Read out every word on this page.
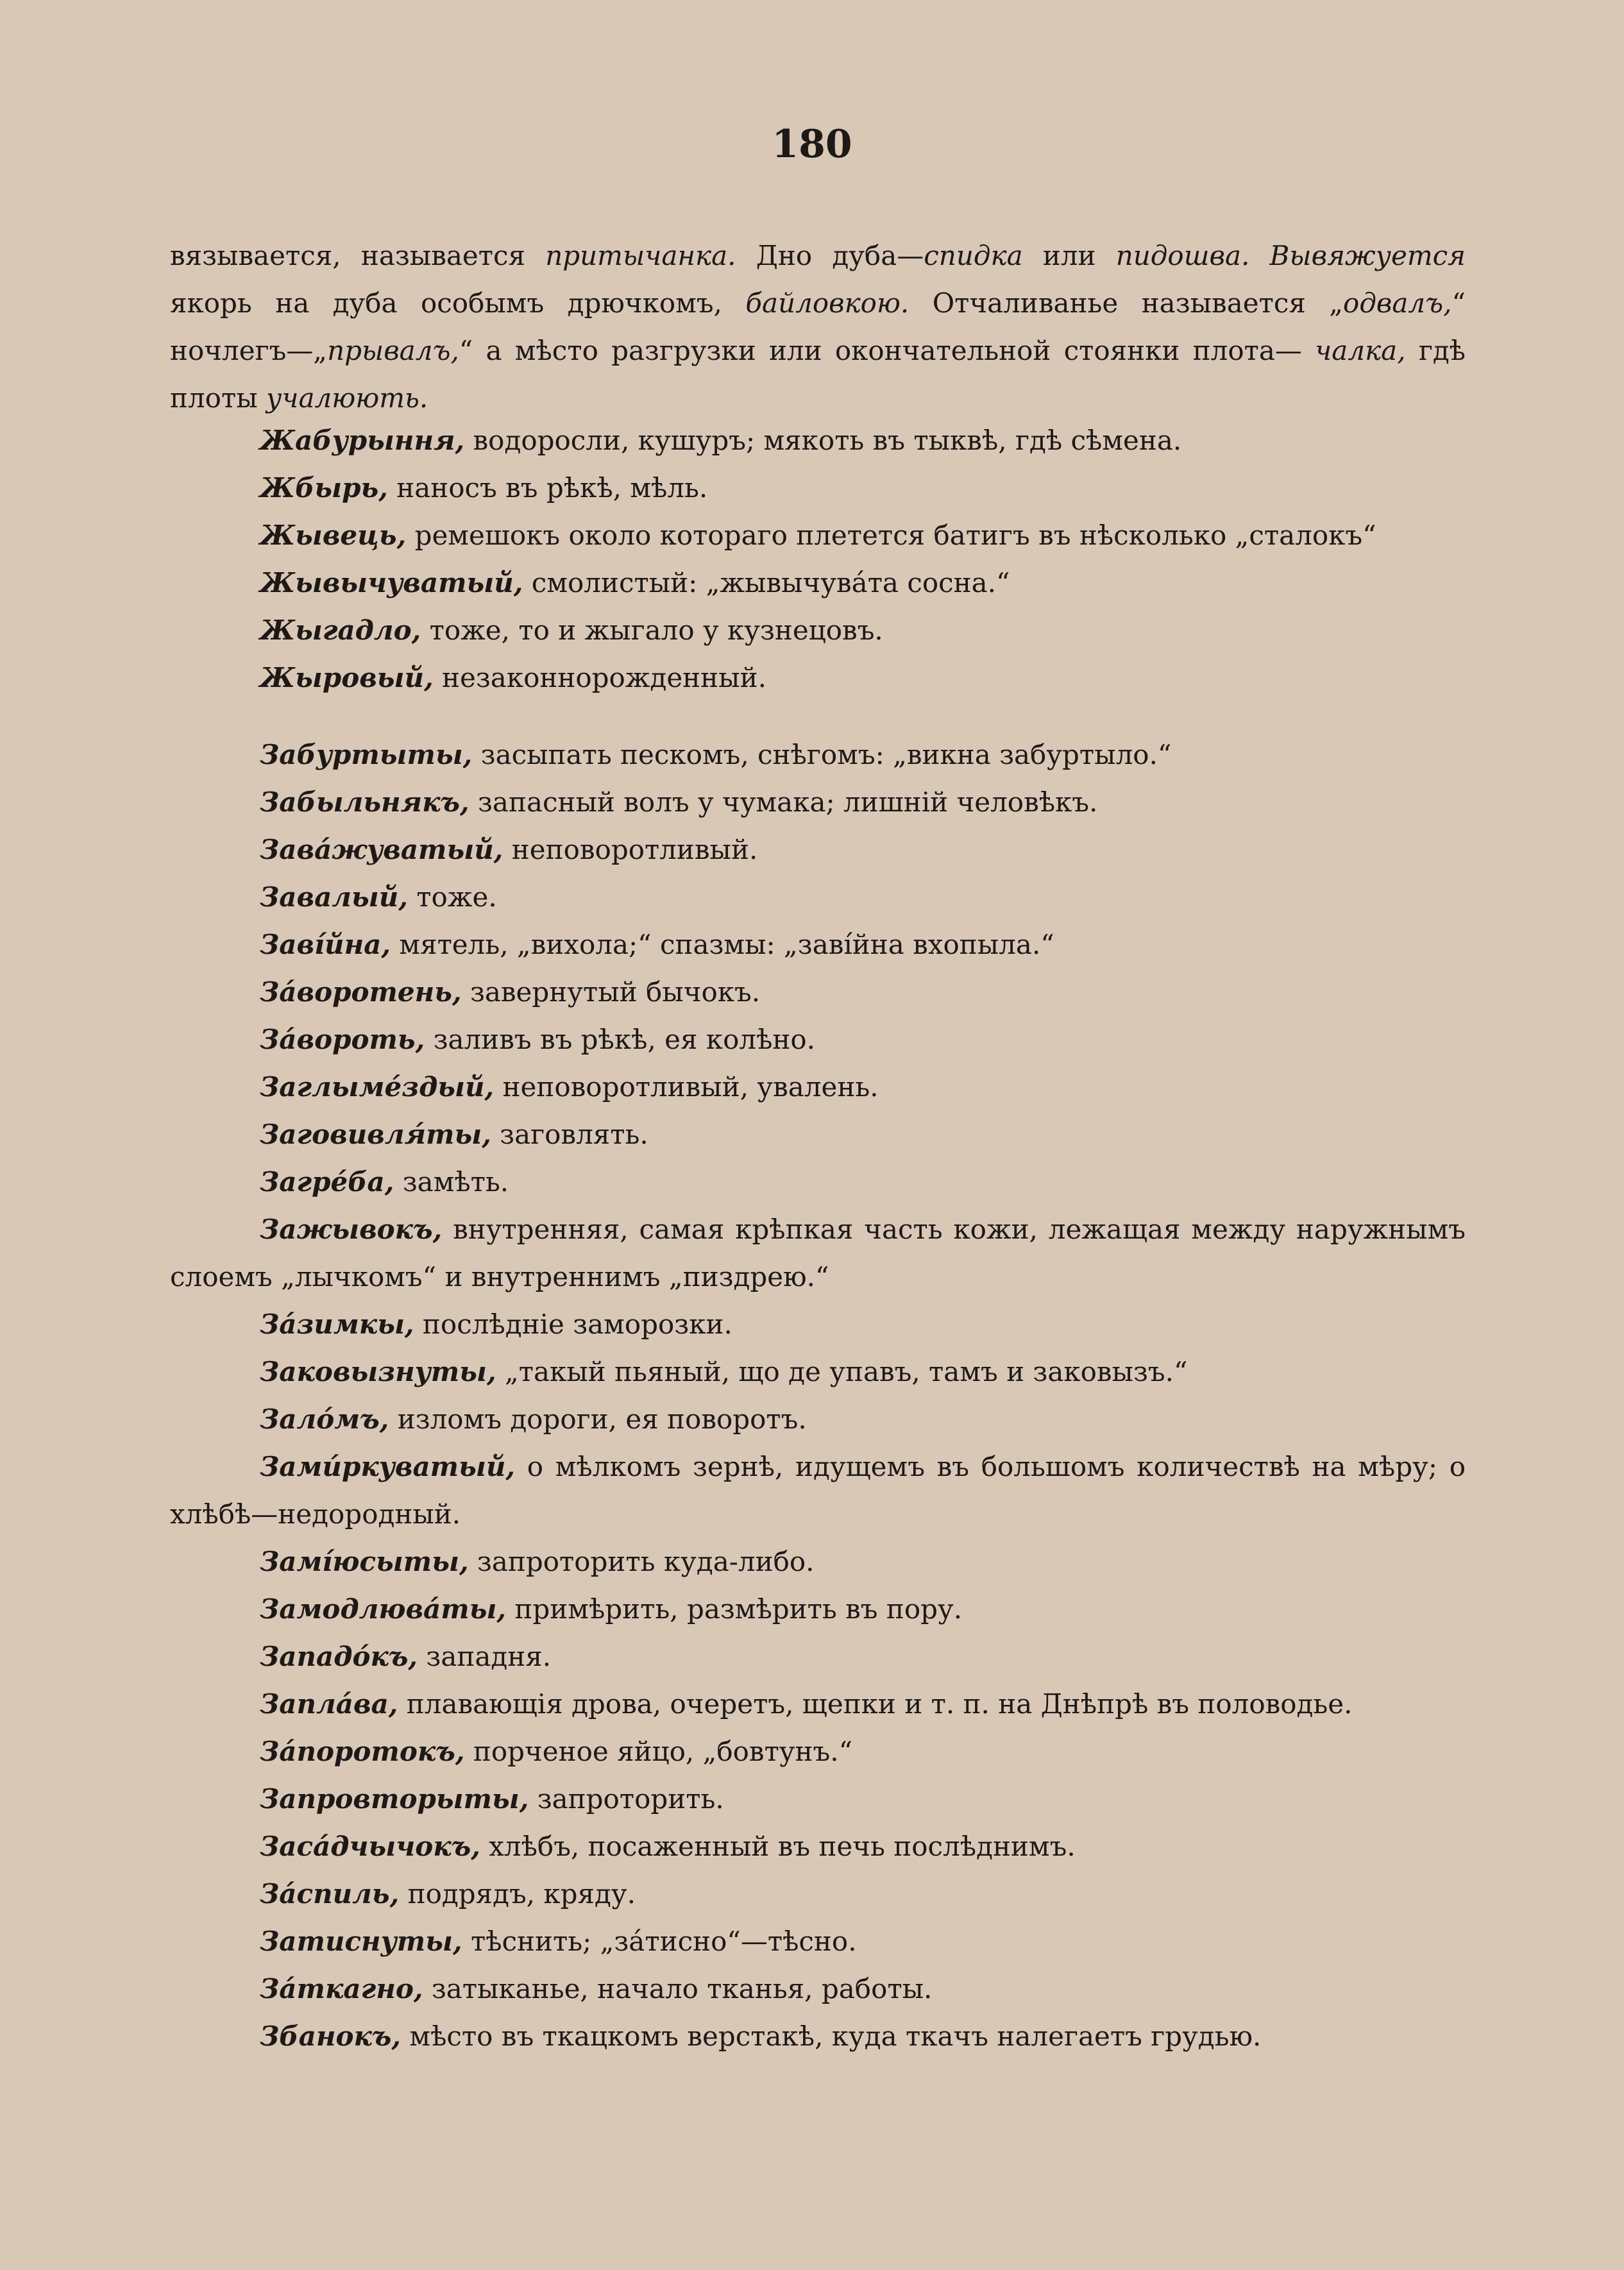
180

вязывается, называется притычанка. Дно дуба—спидка или пидошва. Вывяжуется якорь на дуба особымъ дрючкомъ, байловкою. Отчаливанье называется „одвалъ,“ ночлегъ—„прывалъ,“ а мѣсто разгрузки или окончательной стоянки плота— чалка, гдѣ плоты учалюють.

Жабурыння, водоросли, кушуръ; мякоть въ тыквѣ, гдѣ сѣмена.

Жбырь, наносъ въ рѣкѣ, мѣль.

Жывець, ремешокъ около котораго плетется батигъ въ нѣсколько „сталокъ“

Жывычуватый, смолистый: „жывычувáта сосна.“

Жыгадло, тоже, то и жыгало у кузнецовъ.

Жыровый, незаконнорожденный.

Забуртыты, засыпать пескомъ, снѣгомъ: „викна забуртыло.“

Забыльнякъ, запасный волъ у чумака; лишній человѣкъ.

Завáжуватый, неповоротливый.

Завалый, тоже.

Завíйна, мятель, „вихола;“ спазмы: „завíйна вхопыла.“

Зáворотень, завернутый бычокъ.

Зáвороть, заливъ въ рѣкѣ, ея колѣно.

Заглымéздый, неповоротливый, увалень.

Заговивля́ты, заговлять.

Загрéба, замѣть.

Зажывокъ, внутренняя, самая крѣпкая часть кожи, лежащая между наружнымъ слоемъ „лычкомъ“ и внутреннимъ „пиздрею.“

Зáзимкы, послѣдніе заморозки.

Заковызнуты, „такый пьяный, що де упавъ, тамъ и заковызъ.“

Залóмъ, изломъ дороги, ея поворотъ.

Замúркуватый, о мѣлкомъ зернѣ, идущемъ въ большомъ количествѣ на мѣру; о хлѣбѣ—недородный.

Замíюсыты, запроторить куда-либо.

Замодлювáты, примѣрить, размѣрить въ пору.

Западóкъ, западня.

Заплáва, плавающія дрова, очеретъ, щепки и т. п. на Днѣпрѣ въ половодье.

Зáпоротокъ, порченое яйцо, „бовтунъ.“

Запровторыты, запроторить.

Засáдчычокъ, хлѣбъ, посаженный въ печь послѣднимъ.

Зáспиль, подрядъ, кряду.

Затиснуты, тѣснить; „зáтисно“—тѣсно.

Зáткагно, затыканье, начало тканья, работы.

Збанокъ, мѣсто въ ткацкомъ верстакѣ, куда ткачъ налегаетъ грудью.
